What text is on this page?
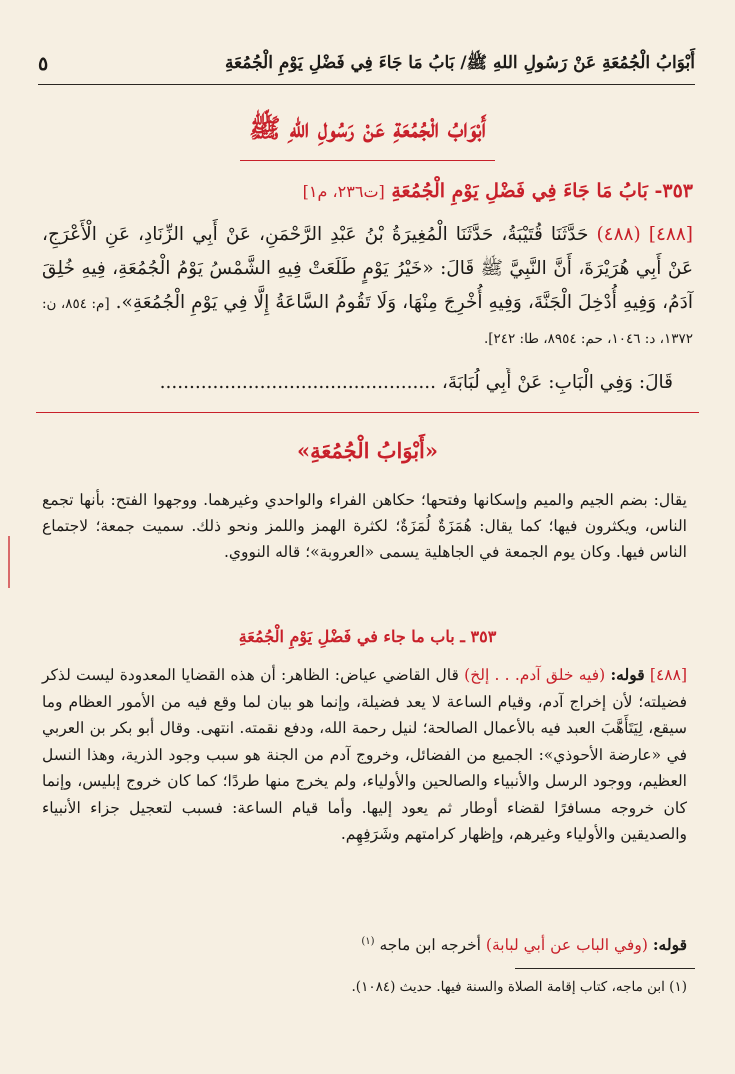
أَبْوَابُ الْجُمُعَةِ عَنْ رَسُولِ اللهِ ﷺ/ بَابُ مَا جَاءَ فِي فَضْلِ يَوْمِ الْجُمُعَةِ
٥
أَبْوَابُ الْجُمُعَةِ عَنْ رَسُولِ اللهِ ﷺ
٣٥٣- بَابُ مَا جَاءَ فِي فَضْلِ يَوْمِ الْجُمُعَةِ [ت٢٣٦، م١]
[٤٨٨] (٤٨٨) حَدَّثَنَا قُتَيْبَةُ، حَدَّثَنَا الْمُغِيرَةُ بْنُ عَبْدِ الرَّحْمَنِ، عَنْ أَبِي الزِّنَادِ، عَنِ الْأَعْرَجِ، عَنْ أَبِي هُرَيْرَةَ، أَنَّ النَّبِيَّ ﷺ قَالَ: «خَيْرُ يَوْمٍ طَلَعَتْ فِيهِ الشَّمْسُ يَوْمُ الْجُمُعَةِ، فِيهِ خُلِقَ آدَمُ، وَفِيهِ أُدْخِلَ الْجَنَّةَ، وَفِيهِ أُخْرِجَ مِنْهَا، وَلَا تَقُومُ السَّاعَةُ إِلَّا فِي يَوْمِ الْجُمُعَةِ». [م: ٨٥٤، ن: ١٣٧٢، د: ١٠٤٦، حم: ٨٩٥٤، طا: ٢٤٢].
قَالَ: وَفِي الْبَابِ: عَنْ أَبِي لُبَابَةَ، ...............................................
«أَبْوَابُ الْجُمُعَةِ»
يقال: بضم الجيم والميم وإسكانها وفتحها؛ حكاهن الفراء والواحدي وغيرهما. ووجهوا الفتح: بأنها تجمع الناس، ويكثرون فيها؛ كما يقال: هُمَزَةٌ لُمَزَةٌ؛ لكثرة الهمز واللمز ونحو ذلك. سميت جمعة؛ لاجتماع الناس فيها. وكان يوم الجمعة في الجاهلية يسمى «العروبة»؛ قاله النووي.
٣٥٣ ـ باب ما جاء في فَضْلِ يَوْمِ الْجُمُعَةِ
[٤٨٨] قوله: (فيه خلق آدم. . . إلخ) قال القاضي عياض: الظاهر: أن هذه القضايا المعدودة ليست لذكر فضيلته؛ لأن إخراج آدم، وقيام الساعة لا يعد فضيلة، وإنما هو بيان لما وقع فيه من الأمور العظام وما سيقع، لِيَتَأَهَّبَ العبد فيه بالأعمال الصالحة؛ لنيل رحمة الله، ودفع نقمته. انتهى. وقال أبو بكر بن العربي في «عارضة الأحوذي»: الجميع من الفضائل، وخروج آدم من الجنة هو سبب وجود الذرية، وهذا النسل العظيم، ووجود الرسل والأنبياء والصالحين والأولياء، ولم يخرج منها طردًا؛ كما كان خروج إبليس، وإنما كان خروجه مسافرًا لقضاء أوطار ثم يعود إليها. وأما قيام الساعة: فسبب لتعجيل جزاء الأنبياء والصديقين والأولياء وغيرهم، وإظهار كرامتهم وشَرَفِهِم.
قوله: (وفي الباب عن أبي لبابة) أخرجه ابن ماجه $^{(١)}$
(١) ابن ماجه، كتاب إقامة الصلاة والسنة فيها. حديث (١٠٨٤).
